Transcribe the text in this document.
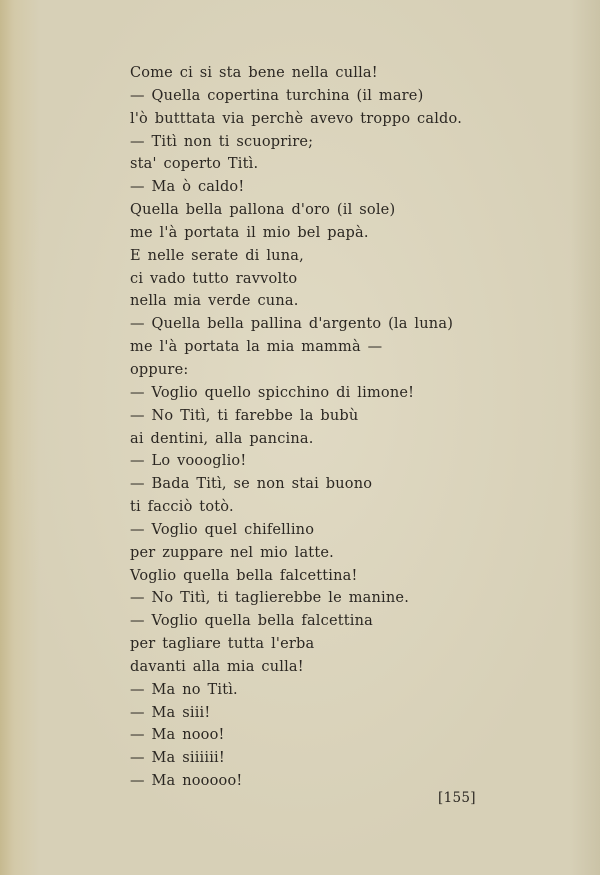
Come ci si sta bene nella culla!
— Quella copertina turchina (il mare)
l'ò butttata via perchè avevo troppo caldo.
— Titì non ti scuoprire;
sta' coperto Titì.
— Ma ò caldo!
Quella bella pallona d'oro (il sole)
me l'à portata il mio bel papà.
E nelle serate di luna,
ci vado tutto ravvolto
nella mia verde cuna.
— Quella bella pallina d'argento (la luna)
me l'à portata la mia mammà —
oppure:
— Voglio quello spicchino di limone!
— No Titì, ti farebbe la bubù
ai dentini, alla pancina.
— Lo voooglio!
— Bada Titì, se non stai buono
ti facciò totò.
— Voglio quel chifellino
per zuppare nel mio latte.
Voglio quella bella falcettina!
— No Titì, ti taglierebbe le manine.
— Voglio quella bella falcettina
per tagliare tutta l'erba
davanti alla mia culla!
— Ma no Titì.
— Ma siii!
— Ma nooo!
— Ma siiiiii!
— Ma nooooo!
[155]
